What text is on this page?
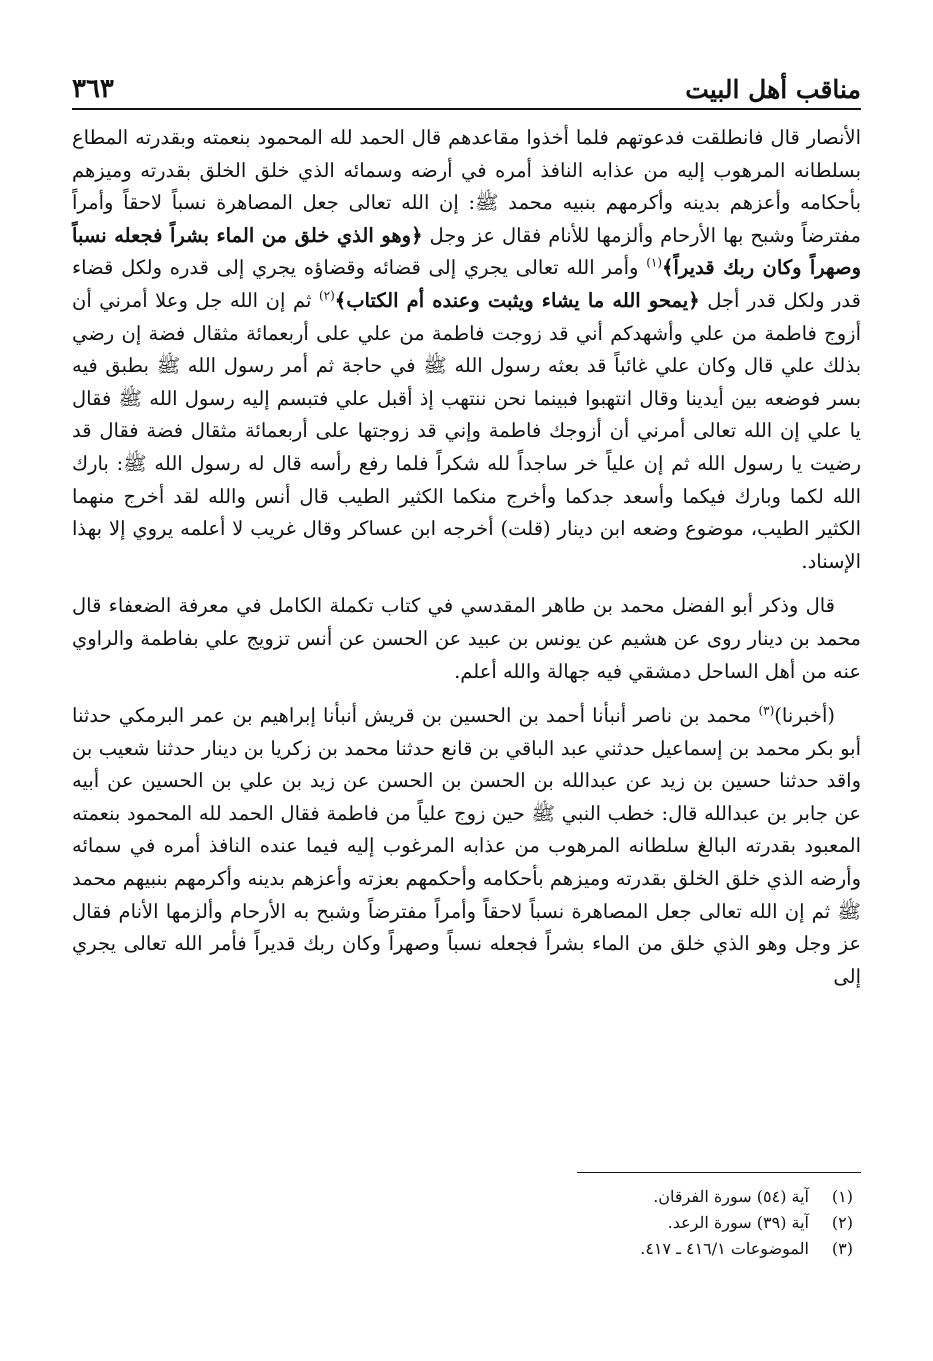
مناقب أهل البيت
٣٦٣

الأنصار قال فانطلقت فدعوتهم فلما أخذوا مقاعدهم قال الحمد لله المحمود بنعمته وبقدرته المطاع بسلطانه المرهوب إليه من عذابه النافذ أمره في أرضه وسمائه الذي خلق الخلق بقدرته وميزهم بأحكامه وأعزهم بدينه وأكرمهم بنبيه محمد ﷺ: إن الله تعالى جعل المصاهرة نسباً لاحقاً وأمراً مفترضاً وشبح بها الأرحام وألزمها للأنام فقال عز وجل ﴿وهو الذي خلق من الماء بشراً فجعله نسباً وصهراً وكان ربك قديراً﴾$^{(١)}$ وأمر الله تعالى يجري إلى قضائه وقضاؤه يجري إلى قدره ولكل قضاء قدر ولكل قدر أجل ﴿يمحو الله ما يشاء ويثبت وعنده أم الكتاب﴾$^{(٢)}$ ثم إن الله جل وعلا أمرني أن أزوج فاطمة من علي وأشهدكم أني قد زوجت فاطمة من علي على أربعمائة مثقال فضة إن رضي بذلك علي قال وكان علي غائباً قد بعثه رسول الله ﷺ في حاجة ثم أمر رسول الله ﷺ بطبق فيه بسر فوضعه بين أيدينا وقال انتهبوا فبينما نحن ننتهب إذ أقبل علي فتبسم إليه رسول الله ﷺ فقال يا علي إن الله تعالى أمرني أن أزوجك فاطمة وإني قد زوجتها على أربعمائة مثقال فضة فقال قد رضيت يا رسول الله ثم إن علياً خر ساجداً لله شكراً فلما رفع رأسه قال له رسول الله ﷺ: بارك الله لكما وبارك فيكما وأسعد جدكما وأخرج منكما الكثير الطيب قال أنس والله لقد أخرج منهما الكثير الطيب، موضوع وضعه ابن دينار (قلت) أخرجه ابن عساكر وقال غريب لا أعلمه يروي إلا بهذا الإسناد.

قال وذكر أبو الفضل محمد بن طاهر المقدسي في كتاب تكملة الكامل في معرفة الضعفاء قال محمد بن دينار روى عن هشيم عن يونس بن عبيد عن الحسن عن أنس تزويج علي بفاطمة والراوي عنه من أهل الساحل دمشقي فيه جهالة والله أعلم.

(أخبرنا)$^{(٣)}$ محمد بن ناصر أنبأنا أحمد بن الحسين بن قريش أنبأنا إبراهيم بن عمر البرمكي حدثنا أبو بكر محمد بن إسماعيل حدثني عبد الباقي بن قانع حدثنا محمد بن زكريا بن دينار حدثنا شعيب بن واقد حدثنا حسين بن زيد عن عبدالله بن الحسن بن الحسن عن زيد بن علي بن الحسين عن أبيه عن جابر بن عبدالله قال: خطب النبي ﷺ حين زوج علياً من فاطمة فقال الحمد لله المحمود بنعمته المعبود بقدرته البالغ سلطانه المرهوب من عذابه المرغوب إليه فيما عنده النافذ أمره في سمائه وأرضه الذي خلق الخلق بقدرته وميزهم بأحكامه وأحكمهم بعزته وأعزهم بدينه وأكرمهم بنبيهم محمد ﷺ ثم إن الله تعالى جعل المصاهرة نسباً لاحقاً وأمراً مفترضاً وشبح به الأرحام وألزمها الأنام فقال عز وجل وهو الذي خلق من الماء بشراً فجعله نسباً وصهراً وكان ربك قديراً فأمر الله تعالى يجري إلى

(١)
آية (٥٤) سورة الفرقان.
(٢)
آية (٣٩) سورة الرعد.
(٣)
الموضوعات ٤١٦/١ ـ ٤١٧.
